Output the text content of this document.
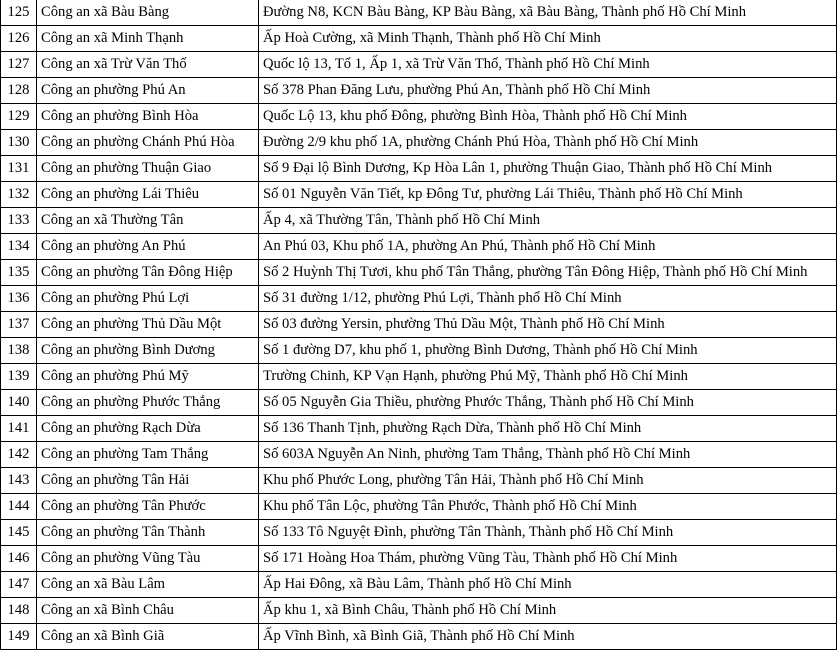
125	Công an xã Bàu Bàng	Đường N8, KCN Bàu Bàng, KP Bàu Bàng, xã Bàu Bàng, Thành phố Hồ Chí Minh
126	Công an xã Minh Thạnh	Ấp Hoà Cường, xã Minh Thạnh, Thành phố Hồ Chí Minh
127	Công an xã Trừ Văn Thố	Quốc lộ 13, Tổ 1, Ấp 1, xã Trừ Văn Thố, Thành phố Hồ Chí Minh
128	Công an phường Phú An	Số 378 Phan Đăng Lưu, phường Phú An, Thành phố Hồ Chí Minh
129	Công an phường Bình Hòa	Quốc Lộ 13, khu phố Đông, phường Bình Hòa, Thành phố Hồ Chí Minh
130	Công an phường Chánh Phú Hòa	Đường 2/9 khu phố 1A, phường Chánh Phú Hòa, Thành phố Hồ Chí Minh
131	Công an phường Thuận Giao	Số 9 Đại lộ Bình Dương, Kp Hòa Lân 1, phường Thuận Giao, Thành phố Hồ Chí Minh
132	Công an phường Lái Thiêu	Số 01 Nguyễn Văn Tiết, kp Đông Tư, phường Lái Thiêu, Thành phố Hồ Chí Minh
133	Công an xã Thường Tân	Ấp 4, xã Thường Tân, Thành phố Hồ Chí Minh
134	Công an phường An Phú	An Phú 03, Khu phố 1A, phường An Phú, Thành phố Hồ Chí Minh
135	Công an phường Tân Đông Hiệp	Số 2 Huỳnh Thị Tươi, khu phố Tân Thắng, phường Tân Đông Hiệp, Thành phố Hồ Chí Minh
136	Công an phường Phú Lợi	Số 31 đường 1/12, phường Phú Lợi, Thành phố Hồ Chí Minh
137	Công an phường Thủ Dầu Một	Số 03 đường Yersin, phường Thủ Dầu Một, Thành phố Hồ Chí Minh
138	Công an phường Bình Dương	Số 1 đường D7, khu phố 1, phường Bình Dương, Thành phố Hồ Chí Minh
139	Công an phường Phú Mỹ	Trường Chinh, KP Vạn Hạnh, phường Phú Mỹ, Thành phố Hồ Chí Minh
140	Công an phường Phước Thắng	Số 05 Nguyễn Gia Thiều, phường Phước Thắng, Thành phố Hồ Chí Minh
141	Công an phường Rạch Dừa	Số 136 Thanh Tịnh, phường Rạch Dừa, Thành phố Hồ Chí Minh
142	Công an phường Tam Thắng	Số 603A Nguyễn An Ninh, phường Tam Thắng, Thành phố Hồ Chí Minh
143	Công an phường Tân Hải	Khu phố Phước Long, phường Tân Hải, Thành phố Hồ Chí Minh
144	Công an phường Tân Phước	Khu phố Tân Lộc, phường Tân Phước, Thành phố Hồ Chí Minh
145	Công an phường Tân Thành	Số 133 Tô Nguyệt Đình, phường Tân Thành, Thành phố Hồ Chí Minh
146	Công an phường Vũng Tàu	Số 171 Hoàng Hoa Thám, phường Vũng Tàu, Thành phố Hồ Chí Minh
147	Công an xã Bàu Lâm	Ấp Hai Đông, xã Bàu Lâm, Thành phố Hồ Chí Minh
148	Công an xã Bình Châu	Ấp khu 1, xã Bình Châu, Thành phố Hồ Chí Minh
149	Công an xã Bình Giã	Ấp Vĩnh Bình, xã Bình Giã, Thành phố Hồ Chí Minh
